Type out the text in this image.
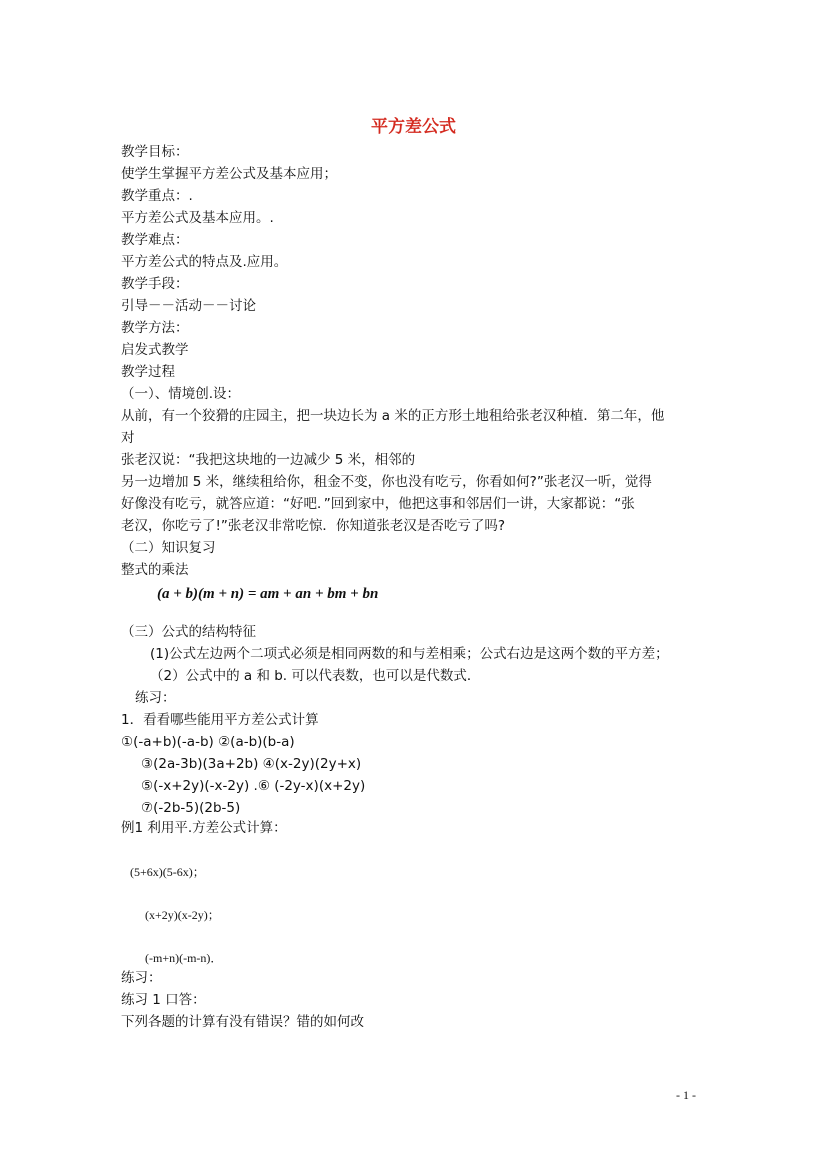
平方差公式
教学目标：
使学生掌握平方差公式及基本应用；
教学重点：.
平方差公式及基本应用。.
教学难点：
平方差公式的特点及.应用。
教学手段：
引导－－活动－－讨论
教学方法：
启发式教学
教学过程
（一）、情境创.设：
从前，有一个狡猾的庄园主，把一块边长为 a 米的正方形土地租给张老汉种植．第二年，他
对
张老汉说：“我把这块地的一边减少 5 米，相邻的
另一边增加 5 米，继续租给你，租金不变，你也没有吃亏，你看如何?”张老汉一听，觉得
好像没有吃亏，就答应道：“好吧．”回到家中，他把这事和邻居们一讲，大家都说：“张
老汉，你吃亏了!”张老汉非常吃惊．你知道张老汉是否吃亏了吗?
（二）知识复习
整式的乘法
(a + b)(m + n) = am + an + bm + bn
（三）公式的结构特征
(1)公式左边两个二项式必须是相同两数的和与差相乘；公式右边是这两个数的平方差；
（2）公式中的 a 和 b. 可以代表数，也可以是代数式．
练习：
1．看看哪些能用平方差公式计算
①(-a+b)(-a-b) ②(a-b)(b-a)
③(2a-3b)(3a+2b) ④(x-2y)(2y+x)
⑤(-x+2y)(-x-2y) .⑥ (-2y-x)(x+2y)
⑦(-2b-5)(2b-5)
例1 利用平.方差公式计算：
(5+6x)(5-6x)；
(x+2y)(x-2y)；
(-m+n)(-m-n)．
练习：
练习 1 口答：
下列各题的计算有没有错误？错的如何改
- 1 -
